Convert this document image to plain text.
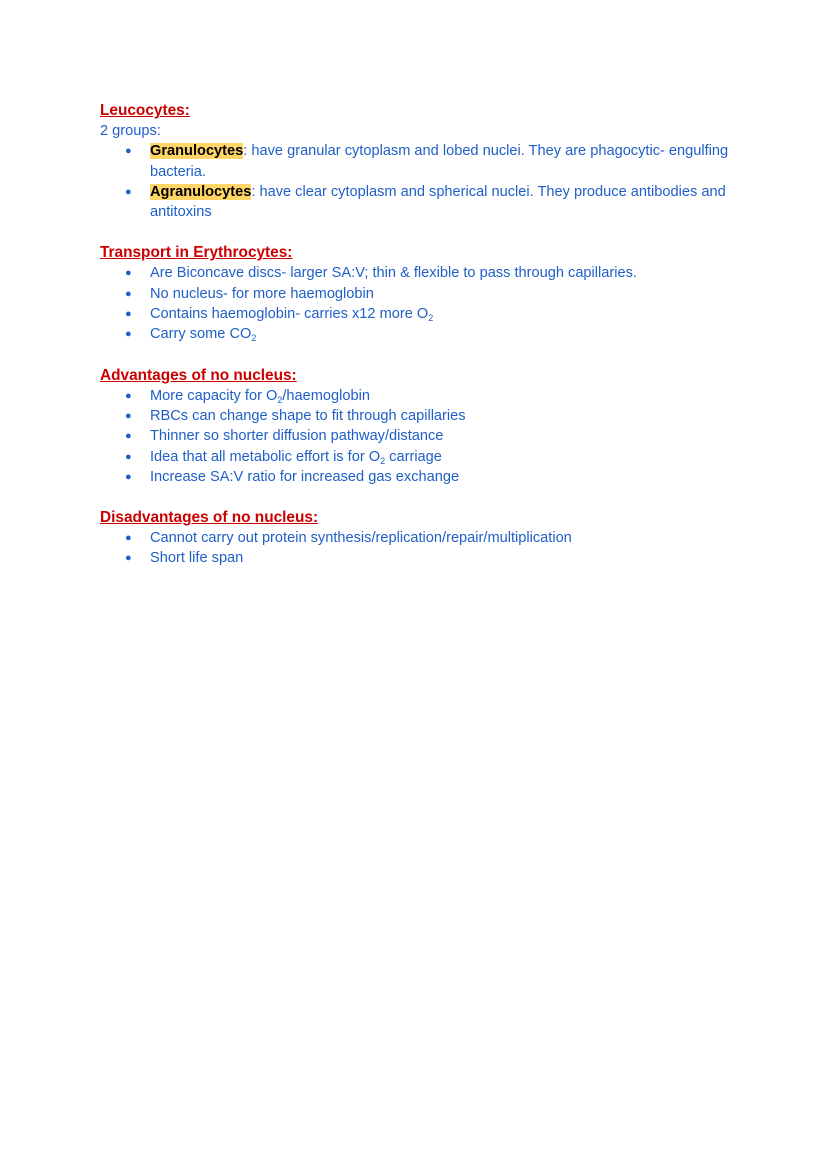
Leucocytes:

2 groups:

● Granulocytes: have granular cytoplasm and lobed nuclei. They are phagocytic- engulfing bacteria.
● Agranulocytes: have clear cytoplasm and spherical nuclei. They produce antibodies and antitoxins

Transport in Erythrocytes:

● Are Biconcave discs- larger SA:V; thin & flexible to pass through capillaries.
● No nucleus- for more haemoglobin
● Contains haemoglobin- carries x12 more $O_2$
● Carry some $CO_2$

Advantages of no nucleus:

● More capacity for $O_2$/haemoglobin
● RBCs can change shape to fit through capillaries
● Thinner so shorter diffusion pathway/distance
● Idea that all metabolic effort is for $O_2$ carriage
● Increase SA:V ratio for increased gas exchange

Disadvantages of no nucleus:

● Cannot carry out protein synthesis/replication/repair/multiplication
● Short life span
